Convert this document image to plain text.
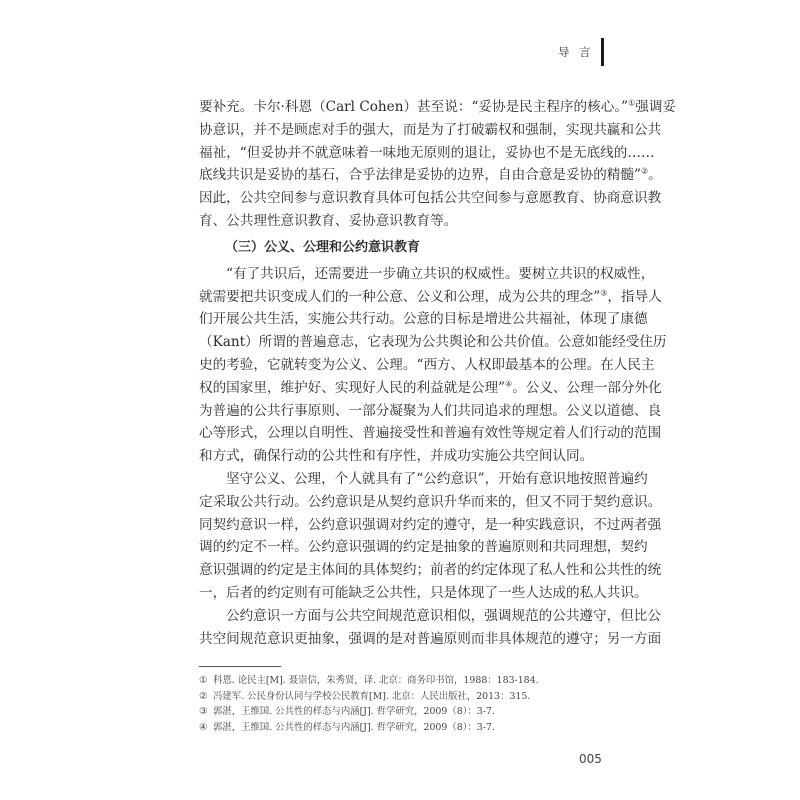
导 言
要补充。卡尔·科恩（Carl Cohen）甚至说：“妥协是民主程序的核心。”①强调妥
协意识，并不是顾虑对手的强大，而是为了打破霸权和强制，实现共赢和公共
福祉，“但妥协并不就意味着一味地无原则的退让，妥协也不是无底线的……
底线共识是妥协的基石，合乎法律是妥协的边界，自由合意是妥协的精髓”②。
因此，公共空间参与意识教育具体可包括公共空间参与意愿教育、协商意识教
育、公共理性意识教育、妥协意识教育等。
（三）公义、公理和公约意识教育
“有了共识后，还需要进一步确立共识的权威性。要树立共识的权威性，
就需要把共识变成人们的一种公意、公义和公理，成为公共的理念”③，指导人
们开展公共生活，实施公共行动。公意的目标是增进公共福祉，体现了康德
（Kant）所谓的普遍意志，它表现为公共舆论和公共价值。公意如能经受住历
史的考验，它就转变为公义、公理。“西方、人权即最基本的公理。在人民主
权的国家里，维护好、实现好人民的利益就是公理”④。公义、公理一部分外化
为普遍的公共行事原则、一部分凝聚为人们共同追求的理想。公义以道德、良
心等形式，公理以自明性、普遍接受性和普遍有效性等规定着人们行动的范围
和方式，确保行动的公共性和有序性，并成功实施公共空间认同。
坚守公义、公理，个人就具有了“公约意识”，开始有意识地按照普遍约
定采取公共行动。公约意识是从契约意识升华而来的，但又不同于契约意识。
同契约意识一样，公约意识强调对约定的遵守，是一种实践意识，不过两者强
调的约定不一样。公约意识强调的约定是抽象的普遍原则和共同理想，契约
意识强调的约定是主体间的具体契约；前者的约定体现了私人性和公共性的统
一，后者的约定则有可能缺乏公共性，只是体现了一些人达成的私人共识。
公约意识一方面与公共空间规范意识相似，强调规范的公共遵守，但比公
共空间规范意识更抽象，强调的是对普遍原则而非具体规范的遵守；另一方面
① 科恩. 论民主[M]. 聂崇信，朱秀贤，译. 北京：商务印书馆，1988：183-184.
② 冯建军. 公民身份认同与学校公民教育[M]. 北京：人民出版社，2013：315.
③ 郭湛，王维国. 公共性的样态与内涵[J]. 哲学研究，2009（8）：3-7.
④ 郭湛，王维国. 公共性的样态与内涵[J]. 哲学研究，2009（8）：3-7.
005
